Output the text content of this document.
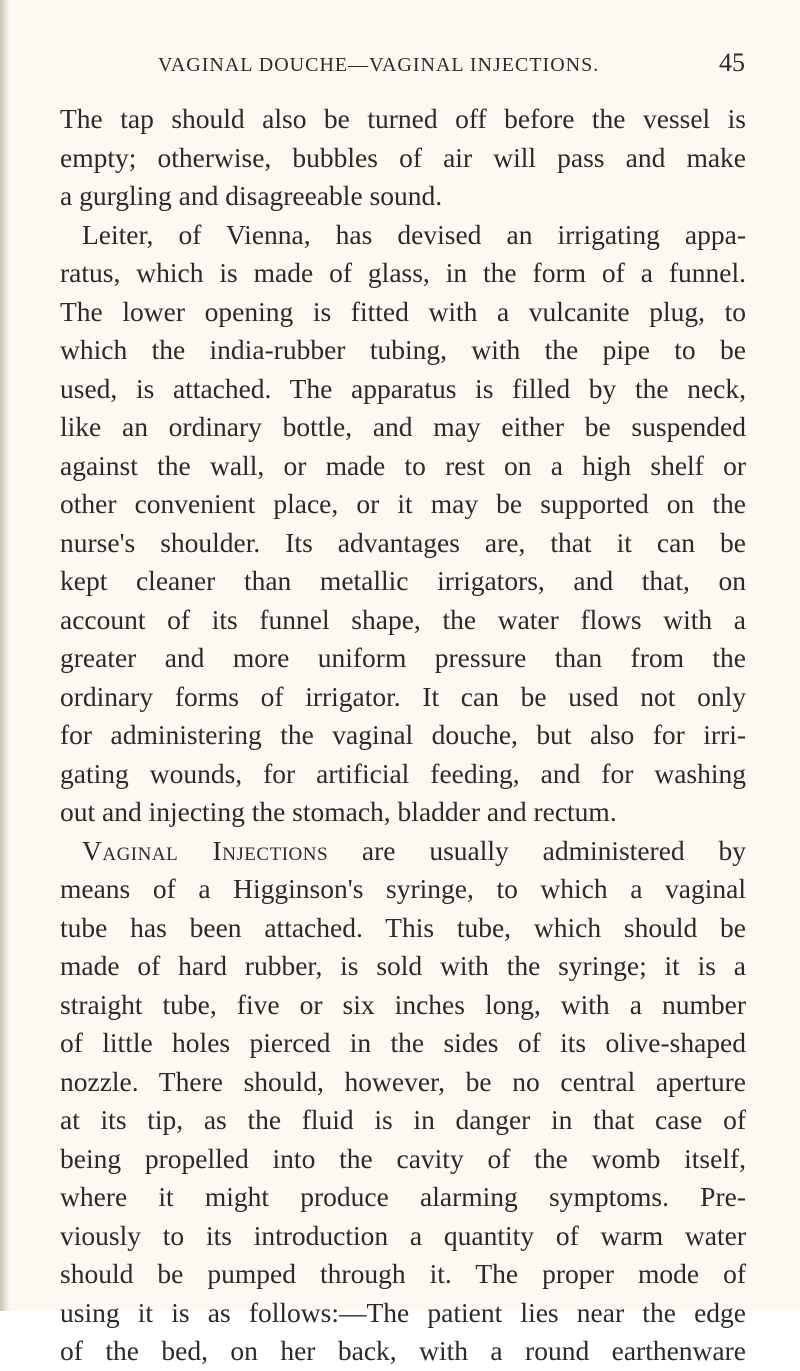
VAGINAL DOUCHE—VAGINAL INJECTIONS.	45
The tap should also be turned off before the vessel is
empty; otherwise, bubbles of air will pass and make
a gurgling and disagreeable sound.
Leiter, of Vienna, has devised an irrigating appa-
ratus, which is made of glass, in the form of a funnel.
The lower opening is fitted with a vulcanite plug, to
which the india-rubber tubing, with the pipe to be
used, is attached. The apparatus is filled by the neck,
like an ordinary bottle, and may either be suspended
against the wall, or made to rest on a high shelf or
other convenient place, or it may be supported on the
nurse's shoulder. Its advantages are, that it can be
kept cleaner than metallic irrigators, and that, on
account of its funnel shape, the water flows with a
greater and more uniform pressure than from the
ordinary forms of irrigator. It can be used not only
for administering the vaginal douche, but also for irri-
gating wounds, for artificial feeding, and for washing
out and injecting the stomach, bladder and rectum.
Vaginal Injections are usually administered by
means of a Higginson's syringe, to which a vaginal
tube has been attached. This tube, which should be
made of hard rubber, is sold with the syringe; it is a
straight tube, five or six inches long, with a number
of little holes pierced in the sides of its olive-shaped
nozzle. There should, however, be no central aperture
at its tip, as the fluid is in danger in that case of
being propelled into the cavity of the womb itself,
where it might produce alarming symptoms. Pre-
viously to its introduction a quantity of warm water
should be pumped through it. The proper mode of
using it is as follows:—The patient lies near the edge
of the bed, on her back, with a round earthenware
